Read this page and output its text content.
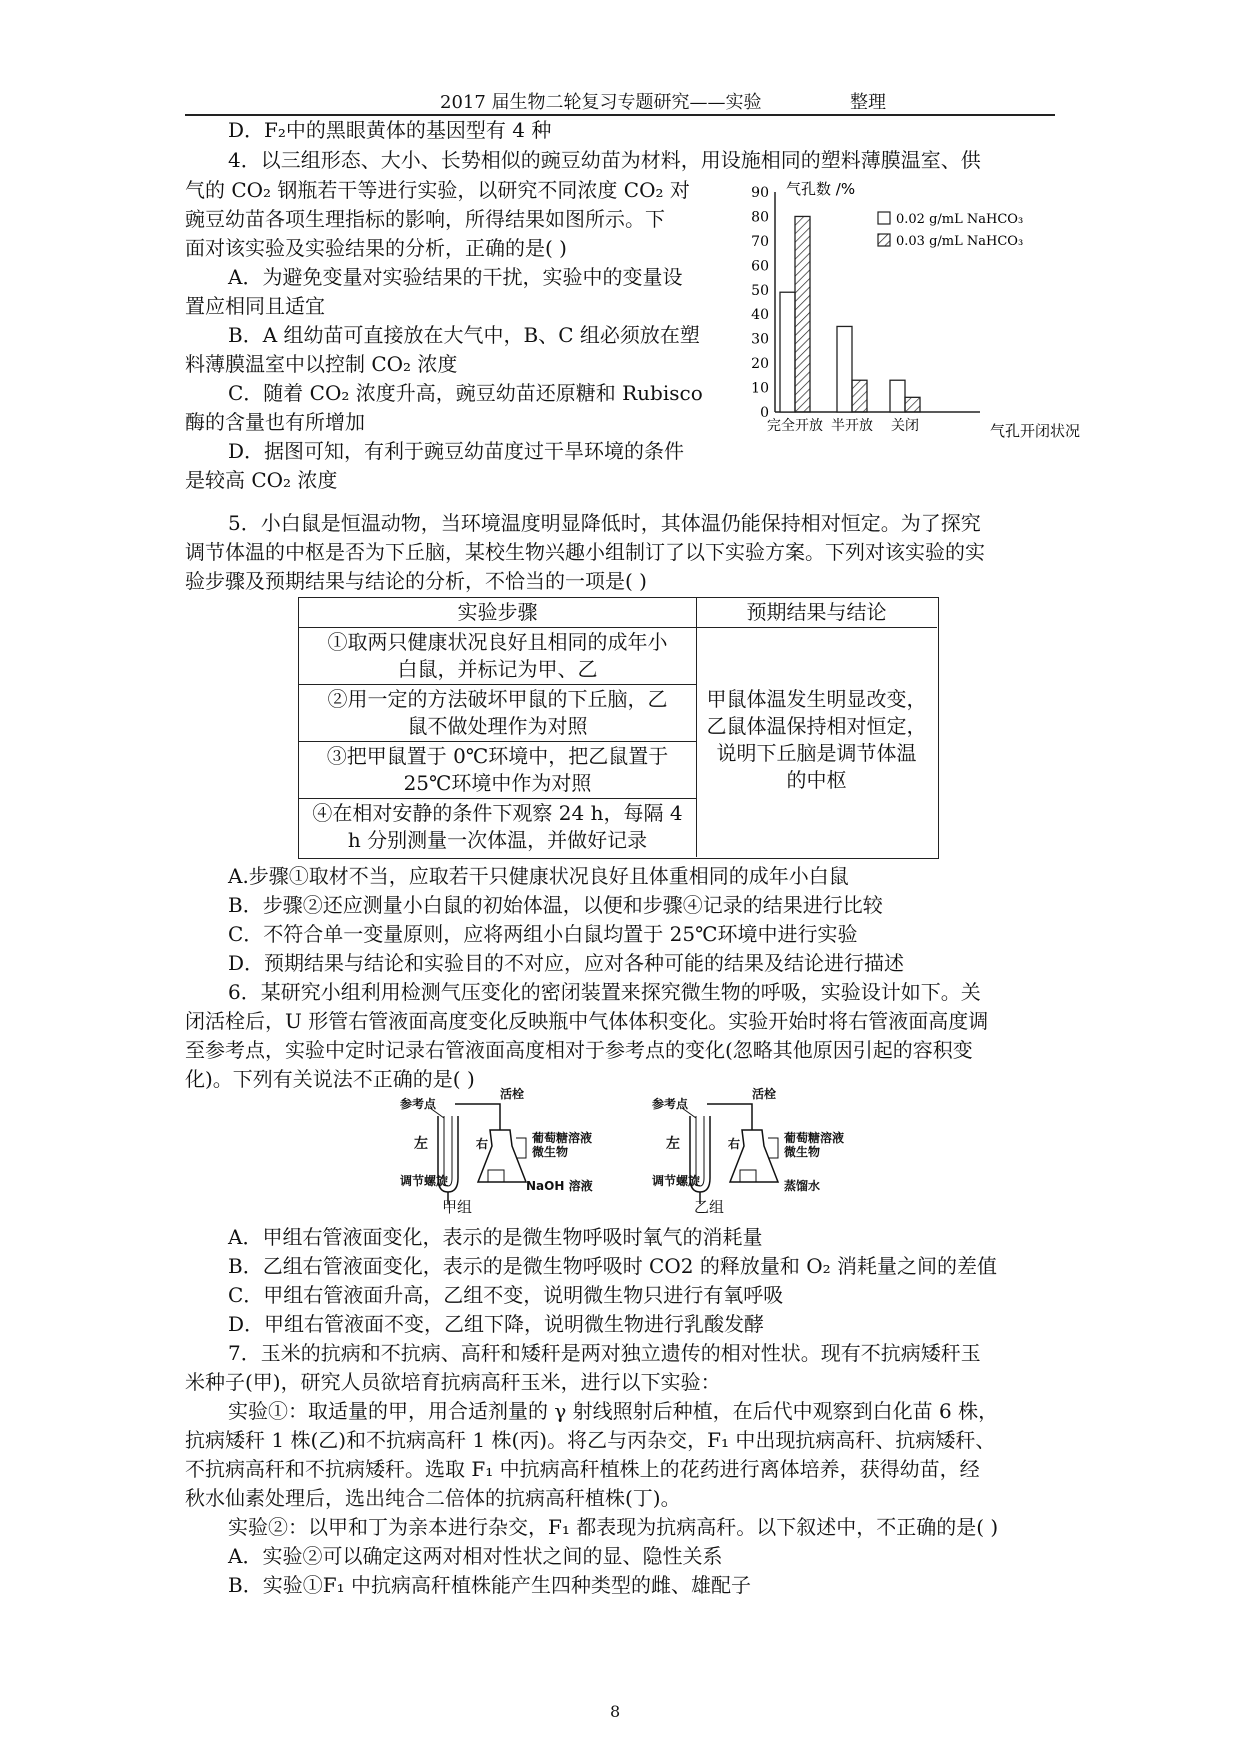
2017 届生物二轮复习专题研究——实验	整理
D．F₂中的黑眼黄体的基因型有 4 种
4．以三组形态、大小、长势相似的豌豆幼苗为材料，用设施相同的塑料薄膜温室、供
气的 CO₂ 钢瓶若干等进行实验，以研究不同浓度 CO₂ 对
豌豆幼苗各项生理指标的影响，所得结果如图所示。下
面对该实验及实验结果的分析，正确的是( )
A．为避免变量对实验结果的干扰，实验中的变量设
置应相同且适宜
B．A 组幼苗可直接放在大气中，B、C 组必须放在塑
料薄膜温室中以控制 CO₂ 浓度
C．随着 CO₂ 浓度升高，豌豆幼苗还原糖和 Rubisco
酶的含量也有所增加
D．据图可知，有利于豌豆幼苗度过干旱环境的条件
是较高 CO₂ 浓度
气孔数 /%
0
10
20
30
40
50
60
70
80
90
完全开放 半开放 关闭	气孔开闭状况
0.02 g/mL NaHCO₃
0.03 g/mL NaHCO₃
5．小白鼠是恒温动物，当环境温度明显降低时，其体温仍能保持相对恒定。为了探究
调节体温的中枢是否为下丘脑，某校生物兴趣小组制订了以下实验方案。下列对该实验的实
验步骤及预期结果与结论的分析，不恰当的一项是( )
实验步骤	预期结果与结论
①取两只健康状况良好且相同的成年小
白鼠，并标记为甲、乙
②用一定的方法破坏甲鼠的下丘脑，乙
鼠不做处理作为对照
③把甲鼠置于 0℃环境中，把乙鼠置于
25℃环境中作为对照
④在相对安静的条件下观察 24 h，每隔 4
h 分别测量一次体温，并做好记录
甲鼠体温发生明显改变，
乙鼠体温保持相对恒定，
说明下丘脑是调节体温
的中枢
A.步骤①取材不当，应取若干只健康状况良好且体重相同的成年小白鼠
B．步骤②还应测量小白鼠的初始体温，以便和步骤④记录的结果进行比较
C．不符合单一变量原则，应将两组小白鼠均置于 25℃环境中进行实验
D．预期结果与结论和实验目的不对应，应对各种可能的结果及结论进行描述
6．某研究小组利用检测气压变化的密闭装置来探究微生物的呼吸，实验设计如下。关
闭活栓后，U 形管右管液面高度变化反映瓶中气体体积变化。实验开始时将右管液面高度调
至参考点，实验中定时记录右管液面高度相对于参考点的变化(忽略其他原因引起的容积变
化)。下列有关说法不正确的是( )
参考点
活栓
左	右
调节螺旋
葡萄糖溶液
微生物
NaOH 溶液
甲组
参考点
活栓
左	右
调节螺旋
葡萄糖溶液
微生物
蒸馏水
乙组
A．甲组右管液面变化，表示的是微生物呼吸时氧气的消耗量
B．乙组右管液面变化，表示的是微生物呼吸时 CO2 的释放量和 O₂ 消耗量之间的差值
C．甲组右管液面升高，乙组不变，说明微生物只进行有氧呼吸
D．甲组右管液面不变，乙组下降，说明微生物进行乳酸发酵
7．玉米的抗病和不抗病、高秆和矮秆是两对独立遗传的相对性状。现有不抗病矮秆玉
米种子(甲)，研究人员欲培育抗病高秆玉米，进行以下实验：
实验①：取适量的甲，用合适剂量的 γ 射线照射后种植，在后代中观察到白化苗 6 株，
抗病矮秆 1 株(乙)和不抗病高秆 1 株(丙)。将乙与丙杂交，F₁ 中出现抗病高秆、抗病矮秆、
不抗病高秆和不抗病矮秆。选取 F₁ 中抗病高秆植株上的花药进行离体培养，获得幼苗，经
秋水仙素处理后，选出纯合二倍体的抗病高秆植株(丁)。
实验②：以甲和丁为亲本进行杂交，F₁ 都表现为抗病高秆。以下叙述中，不正确的是( )
A．实验②可以确定这两对相对性状之间的显、隐性关系
B．实验①F₁ 中抗病高秆植株能产生四种类型的雌、雄配子
8
